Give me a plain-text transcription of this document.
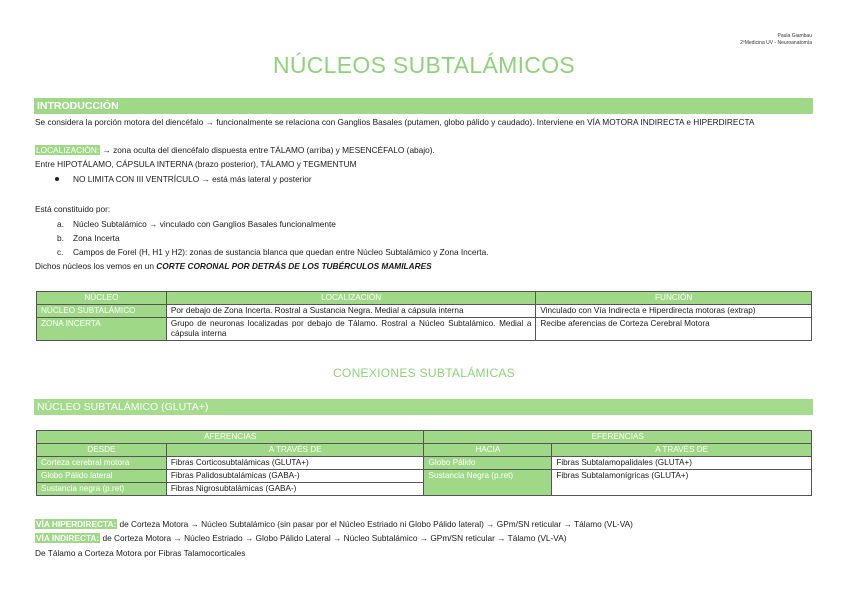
Paula Giambau
2ºMedicina UV - Neuroanatomía
NÚCLEOS SUBTALÁMICOS
INTRODUCCIÓN
Se considera la porción motora del diencéfalo → funcionalmente se relaciona con Ganglios Basales (putamen, globo pálido y caudado). Interviene en VÍA MOTORA INDIRECTA e HIPERDIRECTA
LOCALIZACIÓN: → zona oculta del diencéfalo dispuesta entre TÁLAMO (arriba) y MESENCÉFALO (abajo).
Entre HIPOTÁLAMO, CÁPSULA INTERNA (brazo posterior), TÁLAMO y TEGMENTUM
NO LIMITA CON III VENTRÍCULO → está más lateral y posterior
Está constituido por:
a. Núcleo Subtalámico → vinculado con Ganglios Basales funcionalmente
b. Zona Incerta
c. Campos de Forel (H, H1 y H2): zonas de sustancia blanca que quedan entre Núcleo Subtalámico y Zona Incerta.
Dichos núcleos los vemos en un CORTE CORONAL POR DETRÁS DE LOS TUBÉRCULOS MAMILARES
NÚCLEO	LOCALIZACIÓN	FUNCIÓN
NÚCLEO SUBTALÁMICO	Por debajo de Zona Incerta. Rostral a Sustancia Negra. Medial a cápsula interna	Vinculado con Vía Indirecta e Hiperdirecta motoras (extrap)
ZONA INCERTA	Grupo de neuronas localizadas por debajo de Tálamo. Rostral a Núcleo Subtalámico. Medial a cápsula interna	Recibe aferencias de Corteza Cerebral Motora
CONEXIONES SUBTALÁMICAS
NÚCLEO SUBTALÁMICO (GLUTA+)
AFERENCIAS		EFERENCIAS	
DESDE	A TRAVÉS DE	HACIA	A TRAVÉS DE
Corteza cerebral motora	Fibras Corticosubtalámicas (GLUTA+)	Globo Pálido	Fibras Subtalamopalidales (GLUTA+)
Globo Pálido lateral	Fibras Palidosubtalámicas (GABA-)	Sustancia Negra (p.ret)	Fibras Subtalamonígricas (GLUTA+)
Sustancia negra (p.ret)	Fibras Nigrosubtalámicas (GABA-)		
VÍA HIPERDIRECTA: de Corteza Motora → Núcleo Subtalámico (sin pasar por el Núcleo Estriado ni Globo Pálido lateral) → GPm/SN reticular → Tálamo (VL-VA)
VÍA INDIRECTA: de Corteza Motora → Núcleo Estriado → Globo Pálido Lateral → Núcleo Subtalámico → GPm/SN reticular → Tálamo (VL-VA)
De Tálamo a Corteza Motora por Fibras Talamocorticales
